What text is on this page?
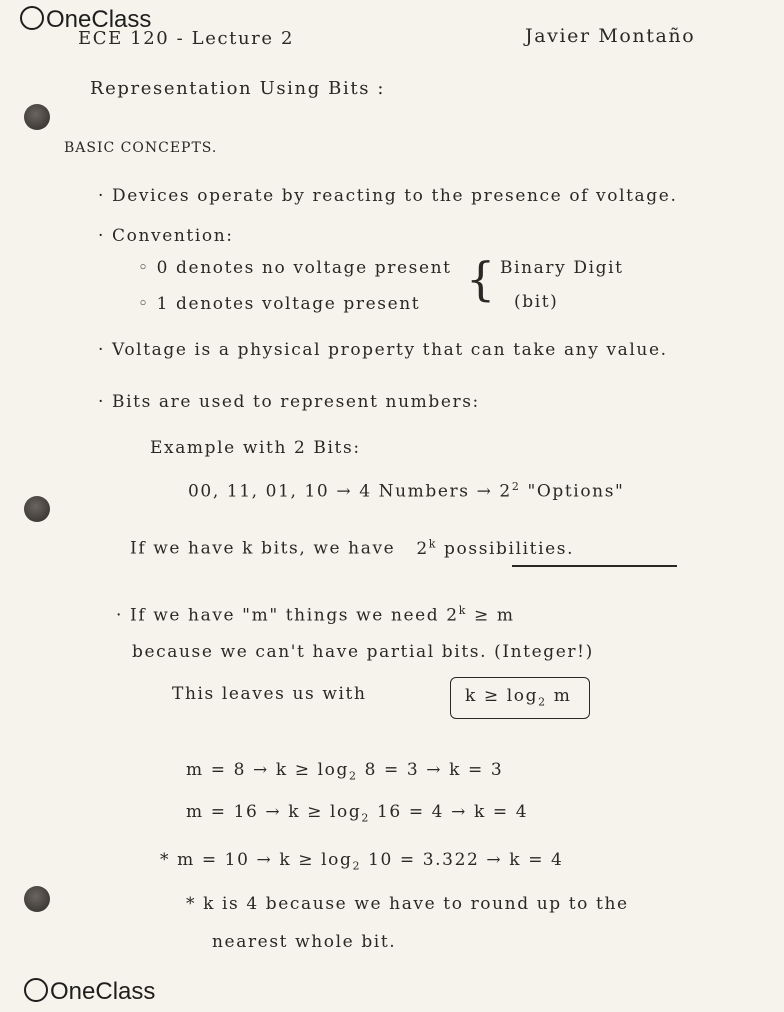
OneClass
ECE 120 - Lecture 2	Javier Montaño
Representation Using Bits :
BASIC CONCEPTS.
· Devices operate by reacting to the presence of voltage.
· Convention:
◦ 0 denotes no voltage present
◦ 1 denotes voltage present { Binary Digit
(bit)
· Voltage is a physical property that can take any value.
· Bits are used to represent numbers:
Example with 2 Bits:
00, 11, 01, 10 → 4 Numbers → $2^2$ "Options"
If we have k bits, we have 2$^k$ possibilities.
· If we have "m" things we need $2^k \ge m$
because we can't have partial bits. (Integer!)
This leaves us with	$k \ge \log_2 m$
$m = 8 \to k \ge \log_2 8 = 3 \to k = 3$
$m = 16 \to k \ge \log_2 16 = 4 \to k = 4$
* $m = 10 \to k \ge \log_2 10 = 3.322 \to k = 4$
* k is 4 because we have to round up to the
nearest whole bit.
OneClass
